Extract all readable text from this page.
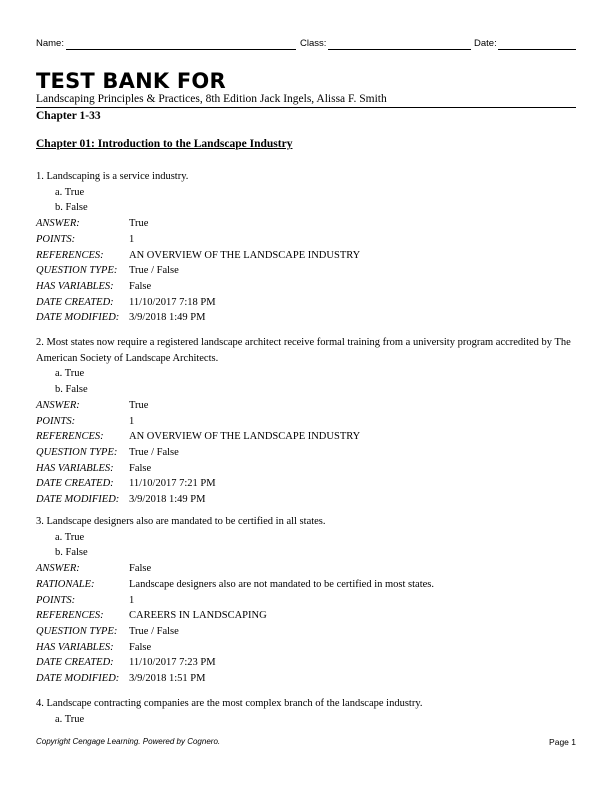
Name:	Class:	Date:
TEST BANK FOR
Landscaping Principles & Practices, 8th Edition Jack Ingels, Alissa F. Smith
Chapter 1-33
Chapter 01: Introduction to the Landscape Industry

1. Landscaping is a service industry.

a. True
b. False
ANSWER:	True
POINTS:	1
REFERENCES:	AN OVERVIEW OF THE LANDSCAPE INDUSTRY
QUESTION TYPE:	True / False
HAS VARIABLES:	False
DATE CREATED:	11/10/2017 7:18 PM
DATE MODIFIED: 3/9/2018 1:49 PM

2. Most states now require a registered landscape architect receive formal training from a university program accredited by The American Society of Landscape Architects.

a. True
b. False
ANSWER:	True
POINTS:	1
REFERENCES:	AN OVERVIEW OF THE LANDSCAPE INDUSTRY
QUESTION TYPE:	True / False
HAS VARIABLES:	False
DATE CREATED:	11/10/2017 7:21 PM
DATE MODIFIED: 3/9/2018 1:49 PM

3. Landscape designers also are mandated to be certified in all states.

a. True
b. False
ANSWER:	False
RATIONALE:	Landscape designers also are not mandated to be certified in most states.
POINTS:	1
REFERENCES:	CAREERS IN LANDSCAPING
QUESTION TYPE:	True / False
HAS VARIABLES:	False
DATE CREATED:	11/10/2017 7:23 PM
DATE MODIFIED: 3/9/2018 1:51 PM

4. Landscape contracting companies are the most complex branch of the landscape industry.

a. True
Copyright Cengage Learning. Powered by Cognero.	Page 1
